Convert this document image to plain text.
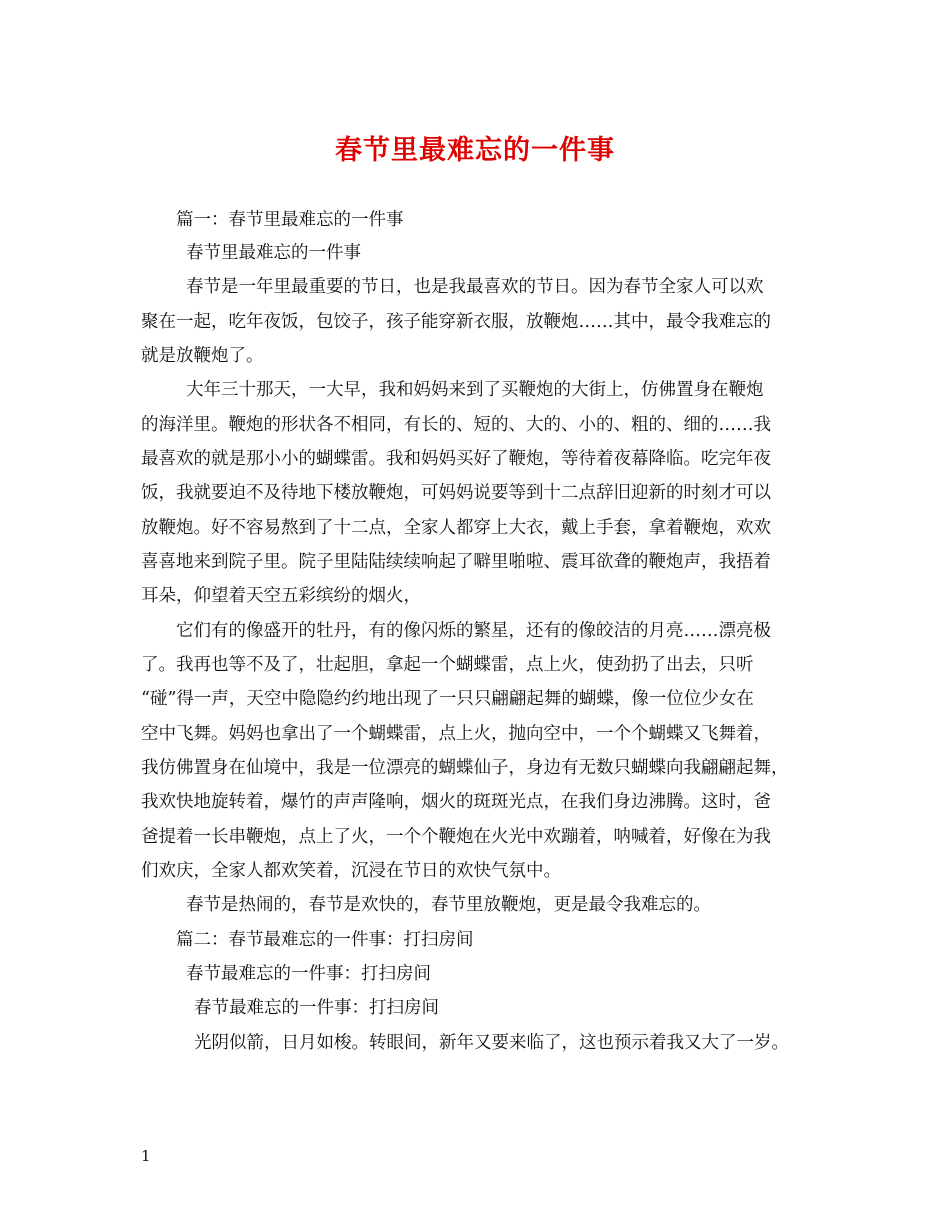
春节里最难忘的一件事
篇一：春节里最难忘的一件事
春节里最难忘的一件事
春节是一年里最重要的节日，也是我最喜欢的节日。因为春节全家人可以欢
聚在一起，吃年夜饭，包饺子，孩子能穿新衣服，放鞭炮……其中，最令我难忘的
就是放鞭炮了。
大年三十那天，一大早，我和妈妈来到了买鞭炮的大街上，仿佛置身在鞭炮
的海洋里。鞭炮的形状各不相同，有长的、短的、大的、小的、粗的、细的……我
最喜欢的就是那小小的蝴蝶雷。我和妈妈买好了鞭炮，等待着夜幕降临。吃完年夜
饭，我就要迫不及待地下楼放鞭炮，可妈妈说要等到十二点辞旧迎新的时刻才可以
放鞭炮。好不容易熬到了十二点，全家人都穿上大衣，戴上手套，拿着鞭炮，欢欢
喜喜地来到院子里。院子里陆陆续续响起了噼里啪啦、震耳欲聋的鞭炮声，我捂着
耳朵，仰望着天空五彩缤纷的烟火，
它们有的像盛开的牡丹，有的像闪烁的繁星，还有的像皎洁的月亮……漂亮极
了。我再也等不及了，壮起胆，拿起一个蝴蝶雷，点上火，使劲扔了出去，只听
“碰”得一声，天空中隐隐约约地出现了一只只翩翩起舞的蝴蝶，像一位位少女在
空中飞舞。妈妈也拿出了一个蝴蝶雷，点上火，抛向空中，一个个蝴蝶又飞舞着，
我仿佛置身在仙境中，我是一位漂亮的蝴蝶仙子，身边有无数只蝴蝶向我翩翩起舞，
我欢快地旋转着，爆竹的声声隆响，烟火的斑斑光点，在我们身边沸腾。这时，爸
爸提着一长串鞭炮，点上了火，一个个鞭炮在火光中欢蹦着，呐喊着，好像在为我
们欢庆，全家人都欢笑着，沉浸在节日的欢快气氛中。
春节是热闹的，春节是欢快的，春节里放鞭炮，更是最令我难忘的。
篇二：春节最难忘的一件事：打扫房间
春节最难忘的一件事：打扫房间
春节最难忘的一件事：打扫房间
光阴似箭，日月如梭。转眼间，新年又要来临了，这也预示着我又大了一岁。
1
